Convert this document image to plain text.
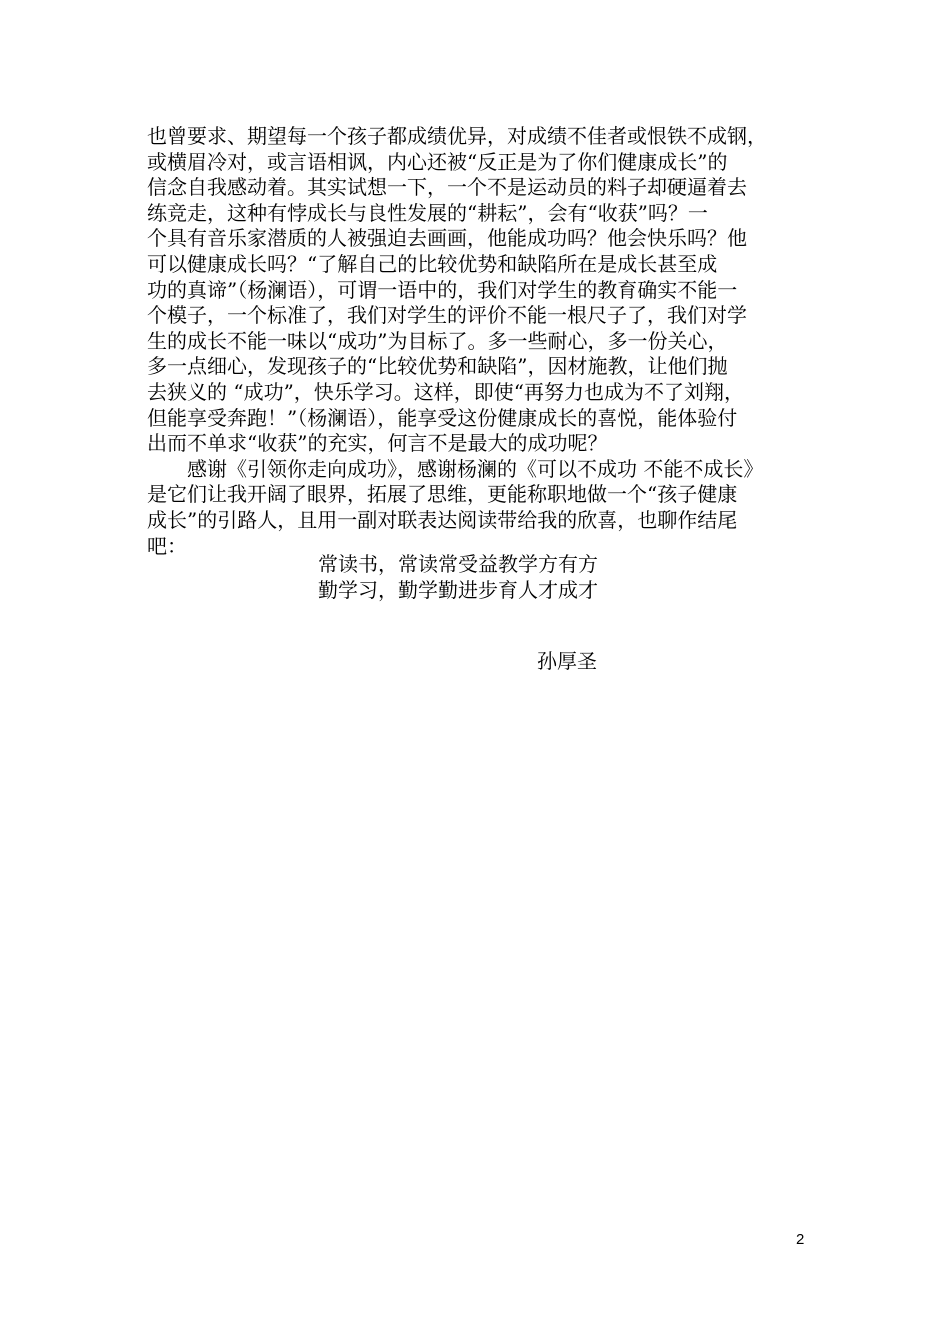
也曾要求、期望每一个孩子都成绩优异，对成绩不佳者或恨铁不成钢，
或横眉冷对，或言语相讽，内心还被“反正是为了你们健康成长”的
信念自我感动着。其实试想一下，一个不是运动员的料子却硬逼着去
练竞走，这种有悖成长与良性发展的“耕耘”，会有“收获”吗？一
个具有音乐家潜质的人被强迫去画画，他能成功吗？他会快乐吗？他
可以健康成长吗？“了解自己的比较优势和缺陷所在是成长甚至成
功的真谛”（杨澜语），可谓一语中的，我们对学生的教育确实不能一
个模子，一个标准了，我们对学生的评价不能一根尺子了，我们对学
生的成长不能一味以“成功”为目标了。多一些耐心，多一份关心，
多一点细心，发现孩子的“比较优势和缺陷”，因材施教，让他们抛
去狭义的 “成功”，快乐学习。这样，即使“再努力也成为不了刘翔，
但能享受奔跑！”（杨澜语），能享受这份健康成长的喜悦，能体验付
出而不单求“收获”的充实，何言不是最大的成功呢？
感谢《引领你走向成功》，感谢杨澜的《可以不成功 不能不成长》
是它们让我开阔了眼界，拓展了思维，更能称职地做一个“孩子健康
成长”的引路人，且用一副对联表达阅读带给我的欣喜，也聊作结尾
吧：
常读书，常读常受益教学方有方
勤学习，勤学勤进步育人才成才
孙厚圣
2
